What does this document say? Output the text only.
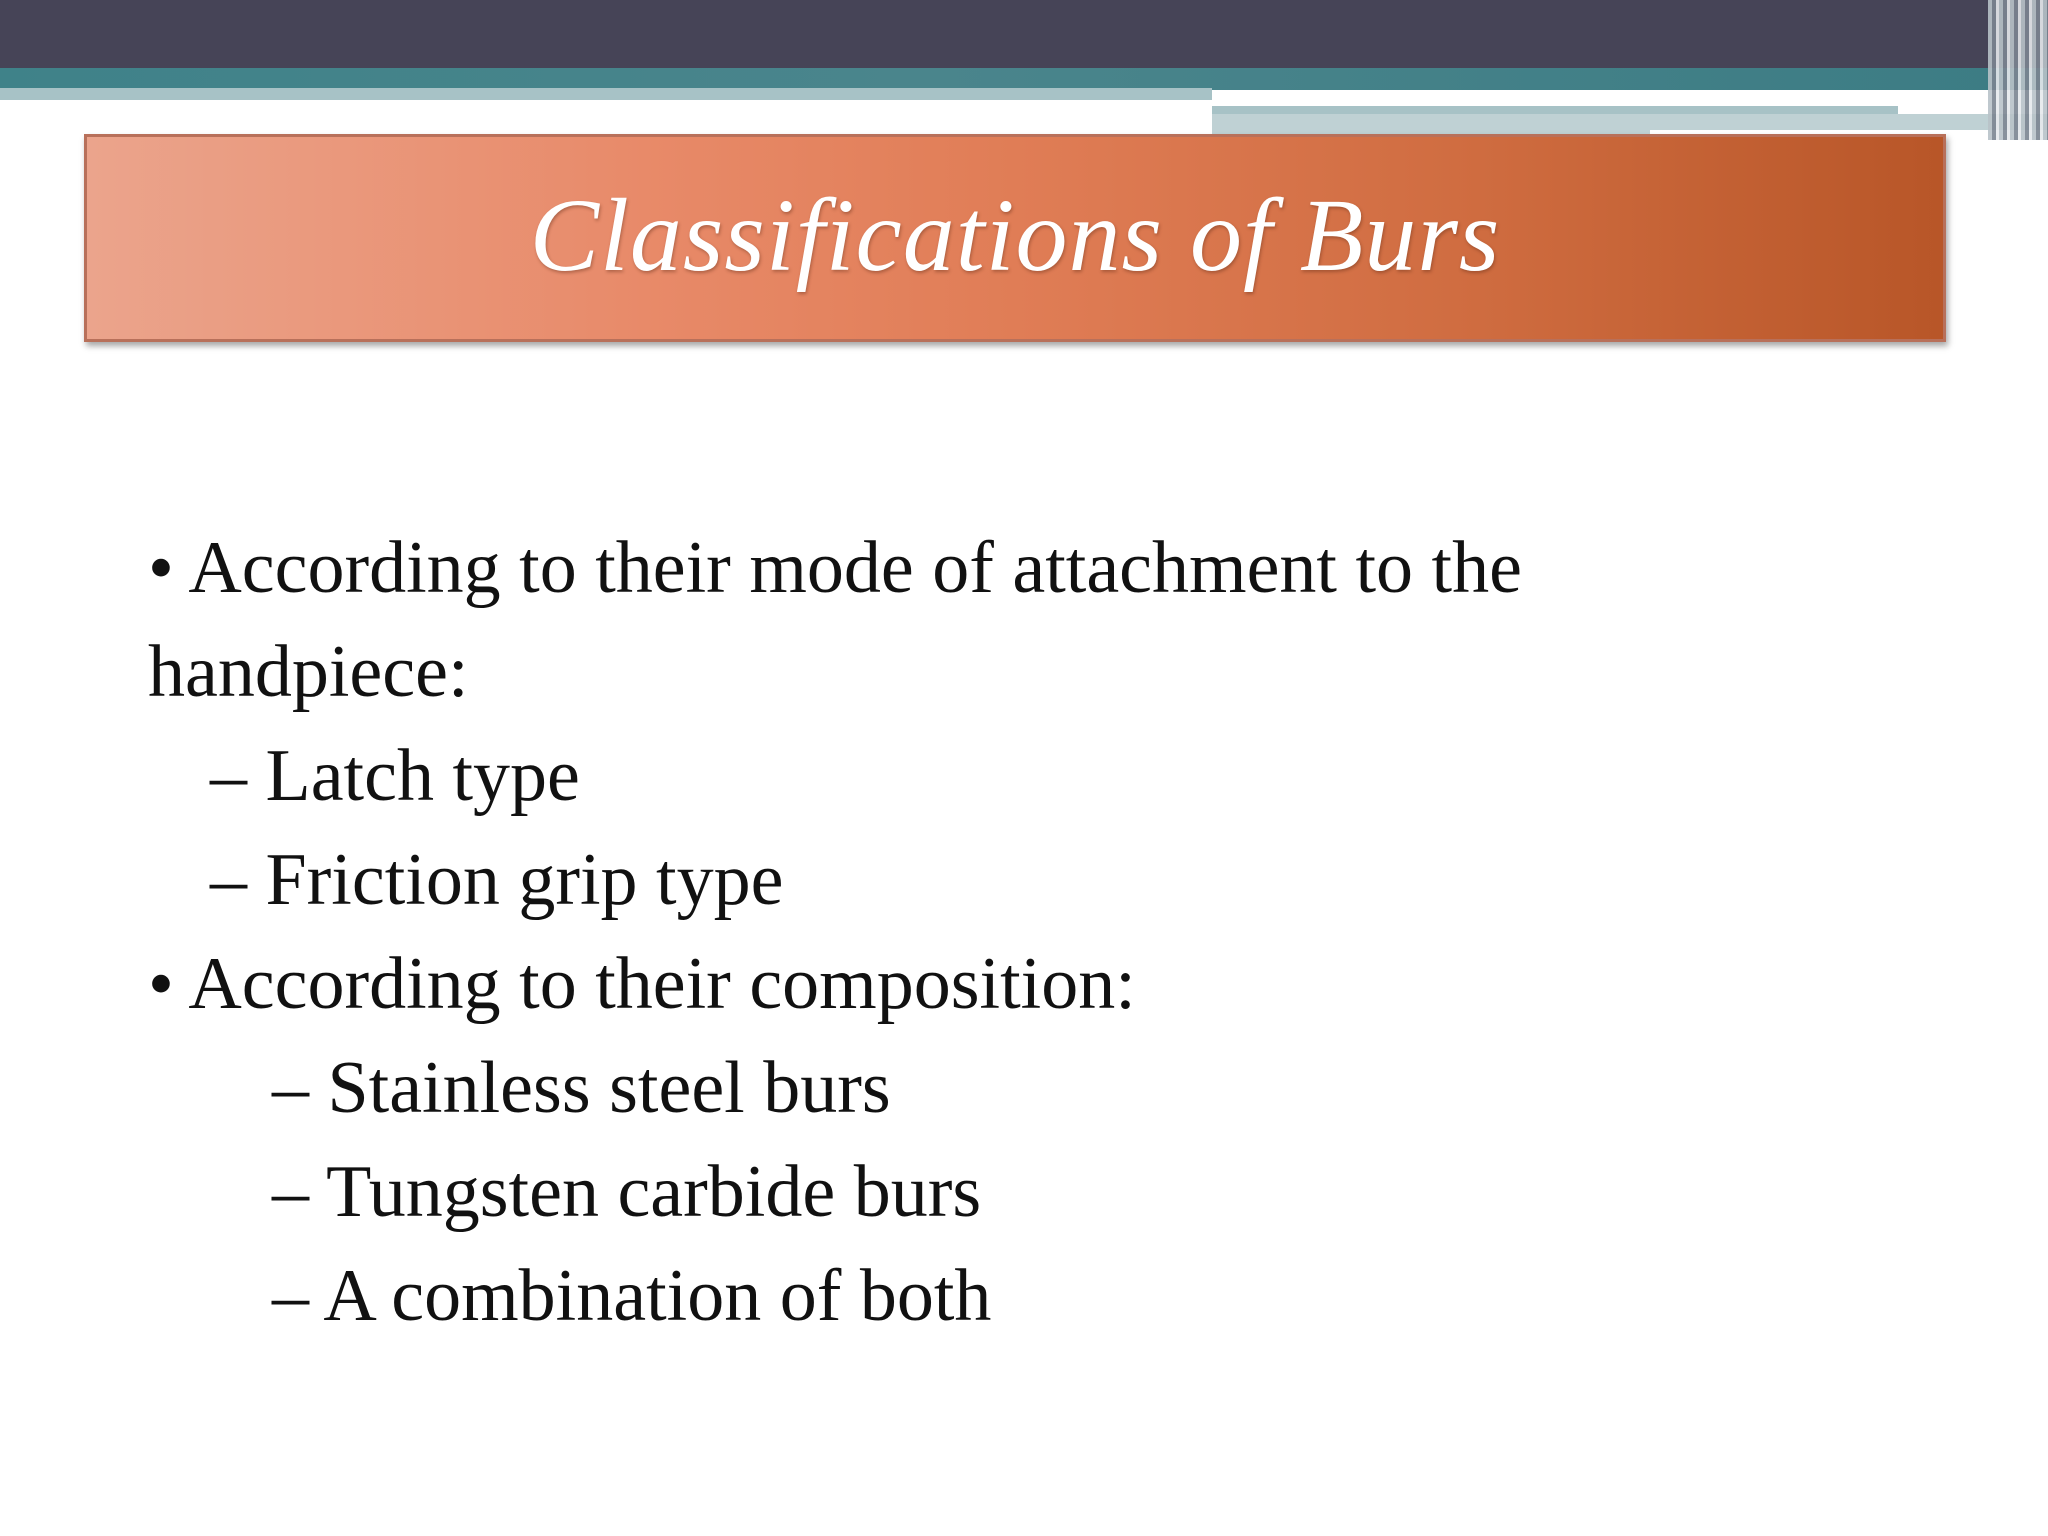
Classifications of Burs
• According to their mode of attachment to the
handpiece:
– Latch type
– Friction grip type
• According to their composition:
– Stainless steel burs
– Tungsten carbide burs
– A combination of both
